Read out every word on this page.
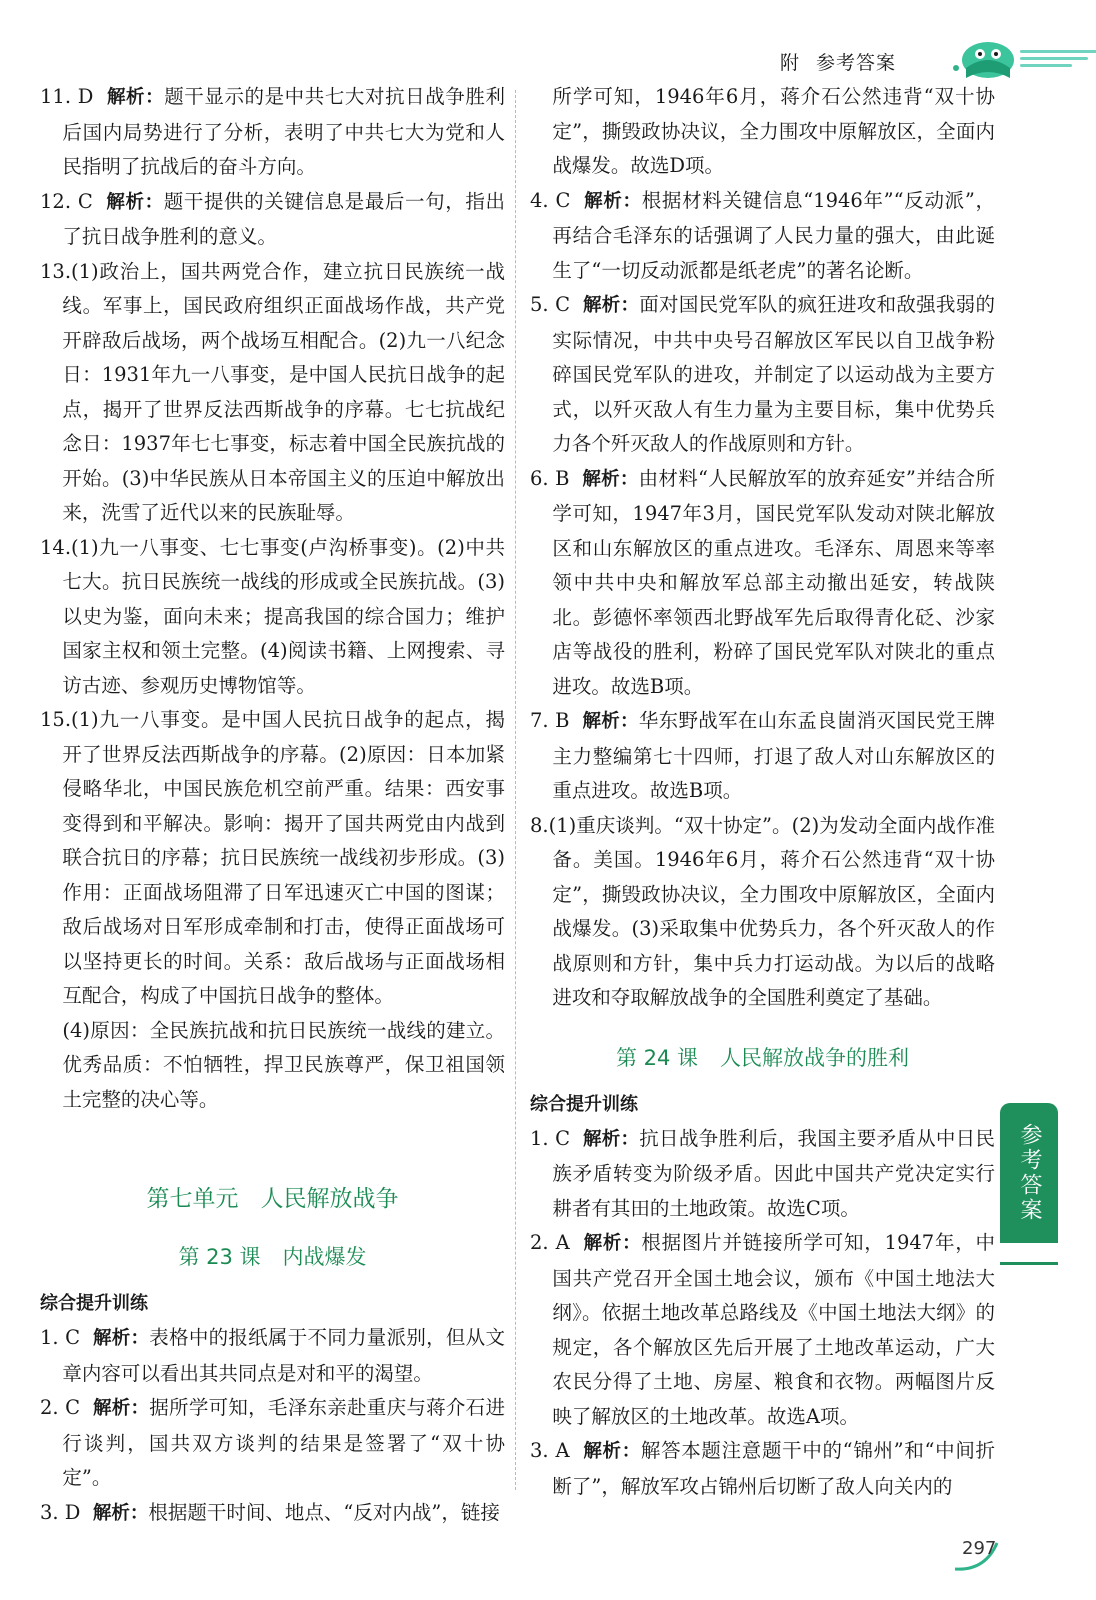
附 参考答案
11. D 解析：题干显示的是中共七大对抗日战争胜利后国内局势进行了分析，表明了中共七大为党和人民指明了抗战后的奋斗方向。
12. C 解析：题干提供的关键信息是最后一句，指出了抗日战争胜利的意义。
13.(1)政治上，国共两党合作，建立抗日民族统一战线。军事上，国民政府组织正面战场作战，共产党开辟敌后战场，两个战场互相配合。(2)九一八纪念日：1931年九一八事变，是中国人民抗日战争的起点，揭开了世界反法西斯战争的序幕。七七抗战纪念日：1937年七七事变，标志着中国全民族抗战的开始。(3)中华民族从日本帝国主义的压迫中解放出来，洗雪了近代以来的民族耻辱。
14.(1)九一八事变、七七事变(卢沟桥事变)。(2)中共七大。抗日民族统一战线的形成或全民族抗战。(3)以史为鉴，面向未来；提高我国的综合国力；维护国家主权和领土完整。(4)阅读书籍、上网搜索、寻访古迹、参观历史博物馆等。
15.(1)九一八事变。是中国人民抗日战争的起点，揭开了世界反法西斯战争的序幕。(2)原因：日本加紧侵略华北，中国民族危机空前严重。结果：西安事变得到和平解决。影响：揭开了国共两党由内战到联合抗日的序幕；抗日民族统一战线初步形成。(3)作用：正面战场阻滞了日军迅速灭亡中国的图谋；敌后战场对日军形成牵制和打击，使得正面战场可以坚持更长的时间。关系：敌后战场与正面战场相互配合，构成了中国抗日战争的整体。
(4)原因：全民族抗战和抗日民族统一战线的建立。优秀品质：不怕牺牲，捍卫民族尊严，保卫祖国领土完整的决心等。
第七单元 人民解放战争
第 23 课 内战爆发
综合提升训练
1. C 解析：表格中的报纸属于不同力量派别，但从文章内容可以看出其共同点是对和平的渴望。
2. C 解析：据所学可知，毛泽东亲赴重庆与蒋介石进行谈判，国共双方谈判的结果是签署了“双十协定”。
3. D 解析：根据题干时间、地点、“反对内战”，链接
所学可知，1946年6月，蒋介石公然违背“双十协定”，撕毁政协决议，全力围攻中原解放区，全面内战爆发。故选D项。
4. C 解析：根据材料关键信息“1946年”“反动派”，再结合毛泽东的话强调了人民力量的强大，由此诞生了“一切反动派都是纸老虎”的著名论断。
5. C 解析：面对国民党军队的疯狂进攻和敌强我弱的实际情况，中共中央号召解放区军民以自卫战争粉碎国民党军队的进攻，并制定了以运动战为主要方式，以歼灭敌人有生力量为主要目标，集中优势兵力各个歼灭敌人的作战原则和方针。
6. B 解析：由材料“人民解放军的放弃延安”并结合所学可知，1947年3月，国民党军队发动对陕北解放区和山东解放区的重点进攻。毛泽东、周恩来等率领中共中央和解放军总部主动撤出延安，转战陕北。彭德怀率领西北野战军先后取得青化砭、沙家店等战役的胜利，粉碎了国民党军队对陕北的重点进攻。故选B项。
7. B 解析：华东野战军在山东孟良崮消灭国民党王牌主力整编第七十四师，打退了敌人对山东解放区的重点进攻。故选B项。
8.(1)重庆谈判。“双十协定”。(2)为发动全面内战作准备。美国。1946年6月，蒋介石公然违背“双十协定”，撕毁政协决议，全力围攻中原解放区，全面内战爆发。(3)采取集中优势兵力，各个歼灭敌人的作战原则和方针，集中兵力打运动战。为以后的战略进攻和夺取解放战争的全国胜利奠定了基础。
第 24 课 人民解放战争的胜利
综合提升训练
1. C 解析：抗日战争胜利后，我国主要矛盾从中日民族矛盾转变为阶级矛盾。因此中国共产党决定实行耕者有其田的土地政策。故选C项。
2. A 解析：根据图片并链接所学可知，1947年，中国共产党召开全国土地会议，颁布《中国土地法大纲》。依据土地改革总路线及《中国土地法大纲》的规定，各个解放区先后开展了土地改革运动，广大农民分得了土地、房屋、粮食和衣物。两幅图片反映了解放区的土地改革。故选A项。
3. A 解析：解答本题注意题干中的“锦州”和“中间折断了”，解放军攻占锦州后切断了敌人向关内的
参考答案
297
